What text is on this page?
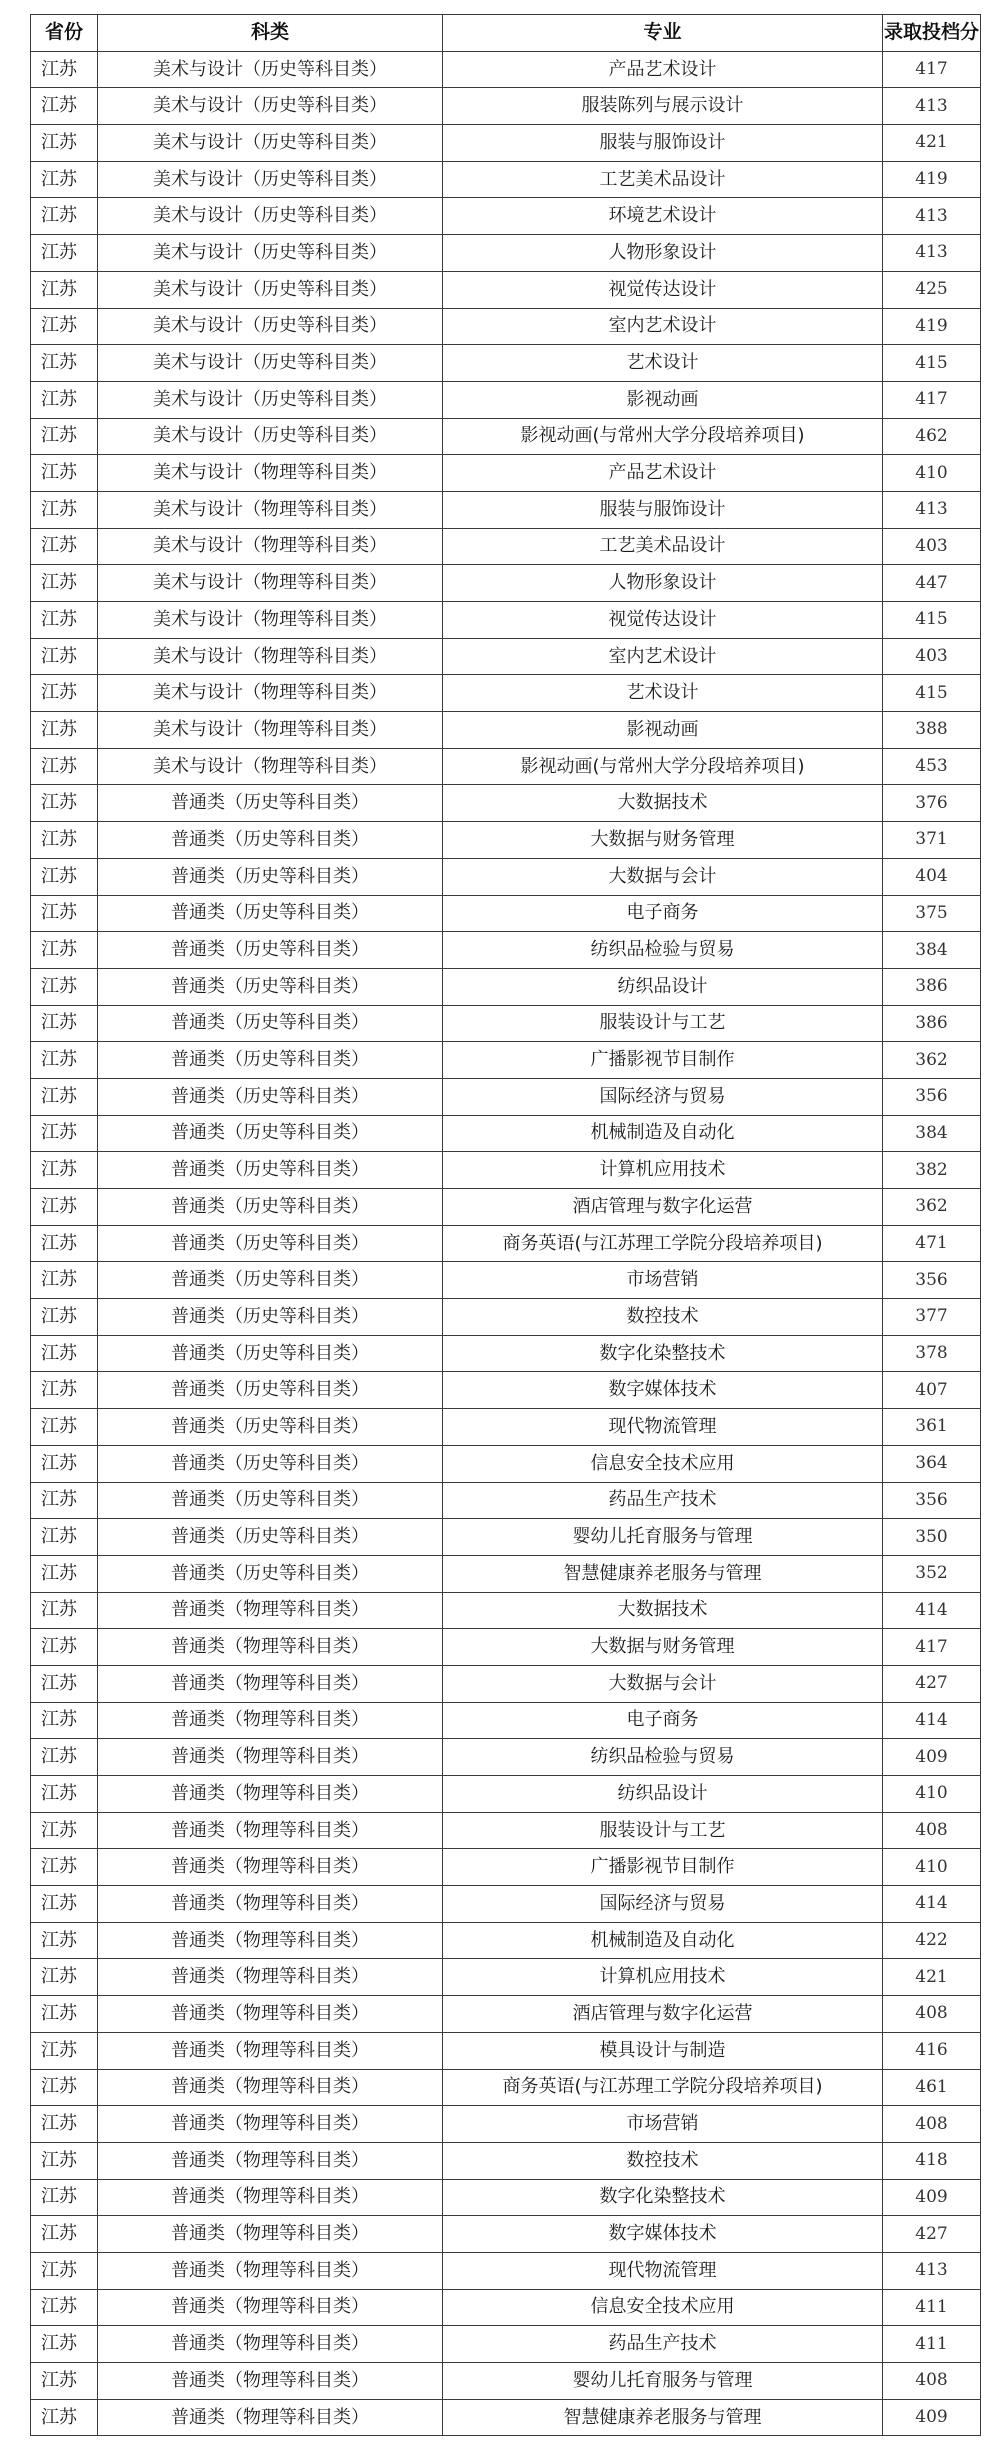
省份	科类	专业	录取投档分
江苏	美术与设计（历史等科目类）	产品艺术设计	417
江苏	美术与设计（历史等科目类）	服装陈列与展示设计	413
江苏	美术与设计（历史等科目类）	服装与服饰设计	421
江苏	美术与设计（历史等科目类）	工艺美术品设计	419
江苏	美术与设计（历史等科目类）	环境艺术设计	413
江苏	美术与设计（历史等科目类）	人物形象设计	413
江苏	美术与设计（历史等科目类）	视觉传达设计	425
江苏	美术与设计（历史等科目类）	室内艺术设计	419
江苏	美术与设计（历史等科目类）	艺术设计	415
江苏	美术与设计（历史等科目类）	影视动画	417
江苏	美术与设计（历史等科目类）	影视动画(与常州大学分段培养项目)	462
江苏	美术与设计（物理等科目类）	产品艺术设计	410
江苏	美术与设计（物理等科目类）	服装与服饰设计	413
江苏	美术与设计（物理等科目类）	工艺美术品设计	403
江苏	美术与设计（物理等科目类）	人物形象设计	447
江苏	美术与设计（物理等科目类）	视觉传达设计	415
江苏	美术与设计（物理等科目类）	室内艺术设计	403
江苏	美术与设计（物理等科目类）	艺术设计	415
江苏	美术与设计（物理等科目类）	影视动画	388
江苏	美术与设计（物理等科目类）	影视动画(与常州大学分段培养项目)	453
江苏	普通类（历史等科目类）	大数据技术	376
江苏	普通类（历史等科目类）	大数据与财务管理	371
江苏	普通类（历史等科目类）	大数据与会计	404
江苏	普通类（历史等科目类）	电子商务	375
江苏	普通类（历史等科目类）	纺织品检验与贸易	384
江苏	普通类（历史等科目类）	纺织品设计	386
江苏	普通类（历史等科目类）	服装设计与工艺	386
江苏	普通类（历史等科目类）	广播影视节目制作	362
江苏	普通类（历史等科目类）	国际经济与贸易	356
江苏	普通类（历史等科目类）	机械制造及自动化	384
江苏	普通类（历史等科目类）	计算机应用技术	382
江苏	普通类（历史等科目类）	酒店管理与数字化运营	362
江苏	普通类（历史等科目类）	商务英语(与江苏理工学院分段培养项目)	471
江苏	普通类（历史等科目类）	市场营销	356
江苏	普通类（历史等科目类）	数控技术	377
江苏	普通类（历史等科目类）	数字化染整技术	378
江苏	普通类（历史等科目类）	数字媒体技术	407
江苏	普通类（历史等科目类）	现代物流管理	361
江苏	普通类（历史等科目类）	信息安全技术应用	364
江苏	普通类（历史等科目类）	药品生产技术	356
江苏	普通类（历史等科目类）	婴幼儿托育服务与管理	350
江苏	普通类（历史等科目类）	智慧健康养老服务与管理	352
江苏	普通类（物理等科目类）	大数据技术	414
江苏	普通类（物理等科目类）	大数据与财务管理	417
江苏	普通类（物理等科目类）	大数据与会计	427
江苏	普通类（物理等科目类）	电子商务	414
江苏	普通类（物理等科目类）	纺织品检验与贸易	409
江苏	普通类（物理等科目类）	纺织品设计	410
江苏	普通类（物理等科目类）	服装设计与工艺	408
江苏	普通类（物理等科目类）	广播影视节目制作	410
江苏	普通类（物理等科目类）	国际经济与贸易	414
江苏	普通类（物理等科目类）	机械制造及自动化	422
江苏	普通类（物理等科目类）	计算机应用技术	421
江苏	普通类（物理等科目类）	酒店管理与数字化运营	408
江苏	普通类（物理等科目类）	模具设计与制造	416
江苏	普通类（物理等科目类）	商务英语(与江苏理工学院分段培养项目)	461
江苏	普通类（物理等科目类）	市场营销	408
江苏	普通类（物理等科目类）	数控技术	418
江苏	普通类（物理等科目类）	数字化染整技术	409
江苏	普通类（物理等科目类）	数字媒体技术	427
江苏	普通类（物理等科目类）	现代物流管理	413
江苏	普通类（物理等科目类）	信息安全技术应用	411
江苏	普通类（物理等科目类）	药品生产技术	411
江苏	普通类（物理等科目类）	婴幼儿托育服务与管理	408
江苏	普通类（物理等科目类）	智慧健康养老服务与管理	409
